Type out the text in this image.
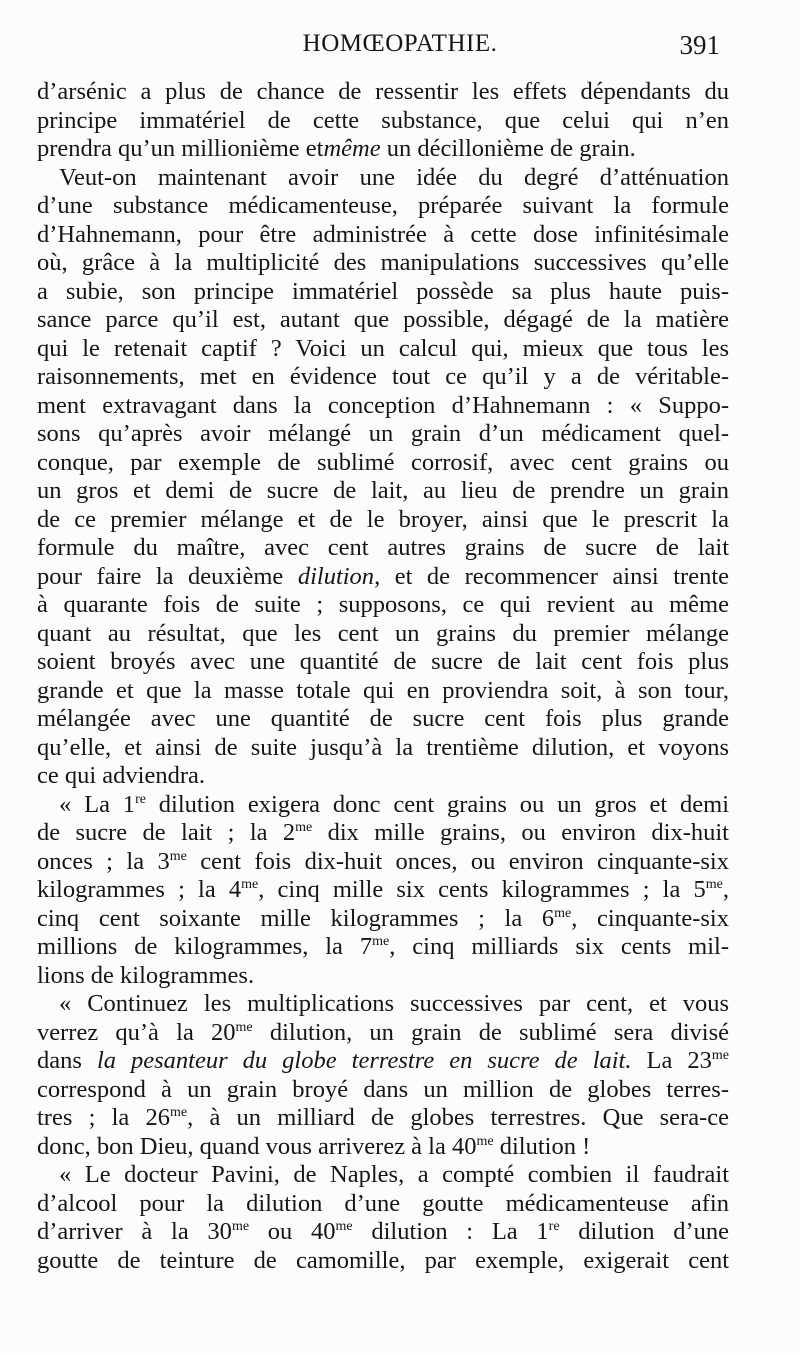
HOMŒOPATHIE.	391
d’arsénic a plus de chance de ressentir les effets dépendants du
principe immatériel de cette substance, que celui qui n’en
prendra qu’un millionième etmême un décillonième de grain.
Veut-on maintenant avoir une idée du degré d’atténuation
d’une substance médicamenteuse, préparée suivant la formule
d’Hahnemann, pour être administrée à cette dose infinitésimale
où, grâce à la multiplicité des manipulations successives qu’elle
a subie, son principe immatériel possède sa plus haute puis-
sance parce qu’il est, autant que possible, dégagé de la matière
qui le retenait captif ? Voici un calcul qui, mieux que tous les
raisonnements, met en évidence tout ce qu’il y a de véritable-
ment extravagant dans la conception d’Hahnemann : « Suppo-
sons qu’après avoir mélangé un grain d’un médicament quel-
conque, par exemple de sublimé corrosif, avec cent grains ou
un gros et demi de sucre de lait, au lieu de prendre un grain
de ce premier mélange et de le broyer, ainsi que le prescrit la
formule du maître, avec cent autres grains de sucre de lait
pour faire la deuxième dilution, et de recommencer ainsi trente
à quarante fois de suite ; supposons, ce qui revient au même
quant au résultat, que les cent un grains du premier mélange
soient broyés avec une quantité de sucre de lait cent fois plus
grande et que la masse totale qui en proviendra soit, à son tour,
mélangée avec une quantité de sucre cent fois plus grande
qu’elle, et ainsi de suite jusqu’à la trentième dilution, et voyons
ce qui adviendra.
« La 1re dilution exigera donc cent grains ou un gros et demi
de sucre de lait ; la $2^{me}$ dix mille grains, ou environ dix-huit
onces ; la $3^{me}$ cent fois dix-huit onces, ou environ cinquante-six
kilogrammes ; la $4^{me}$, cinq mille six cents kilogrammes ; la $5^{me}$,
cinq cent soixante mille kilogrammes ; la $6^{me}$, cinquante-six
millions de kilogrammes, la $7^{me}$, cinq milliards six cents mil-
lions de kilogrammes.
« Continuez les multiplications successives par cent, et vous
verrez qu’à la $20^{me}$ dilution, un grain de sublimé sera divisé
dans la pesanteur du globe terrestre en sucre de lait. La $23^{me}$
correspond à un grain broyé dans un million de globes terres-
tres ; la $26^{me}$, à un milliard de globes terrestres. Que sera-ce
donc, bon Dieu, quand vous arriverez à la $40^{me}$ dilution !
« Le docteur Pavini, de Naples, a compté combien il faudrait
d’alcool pour la dilution d’une goutte médicamenteuse afin
d’arriver à la $30^{me}$ ou $40^{me}$ dilution : La 1re dilution d’une
goutte de teinture de camomille, par exemple, exigerait cent
